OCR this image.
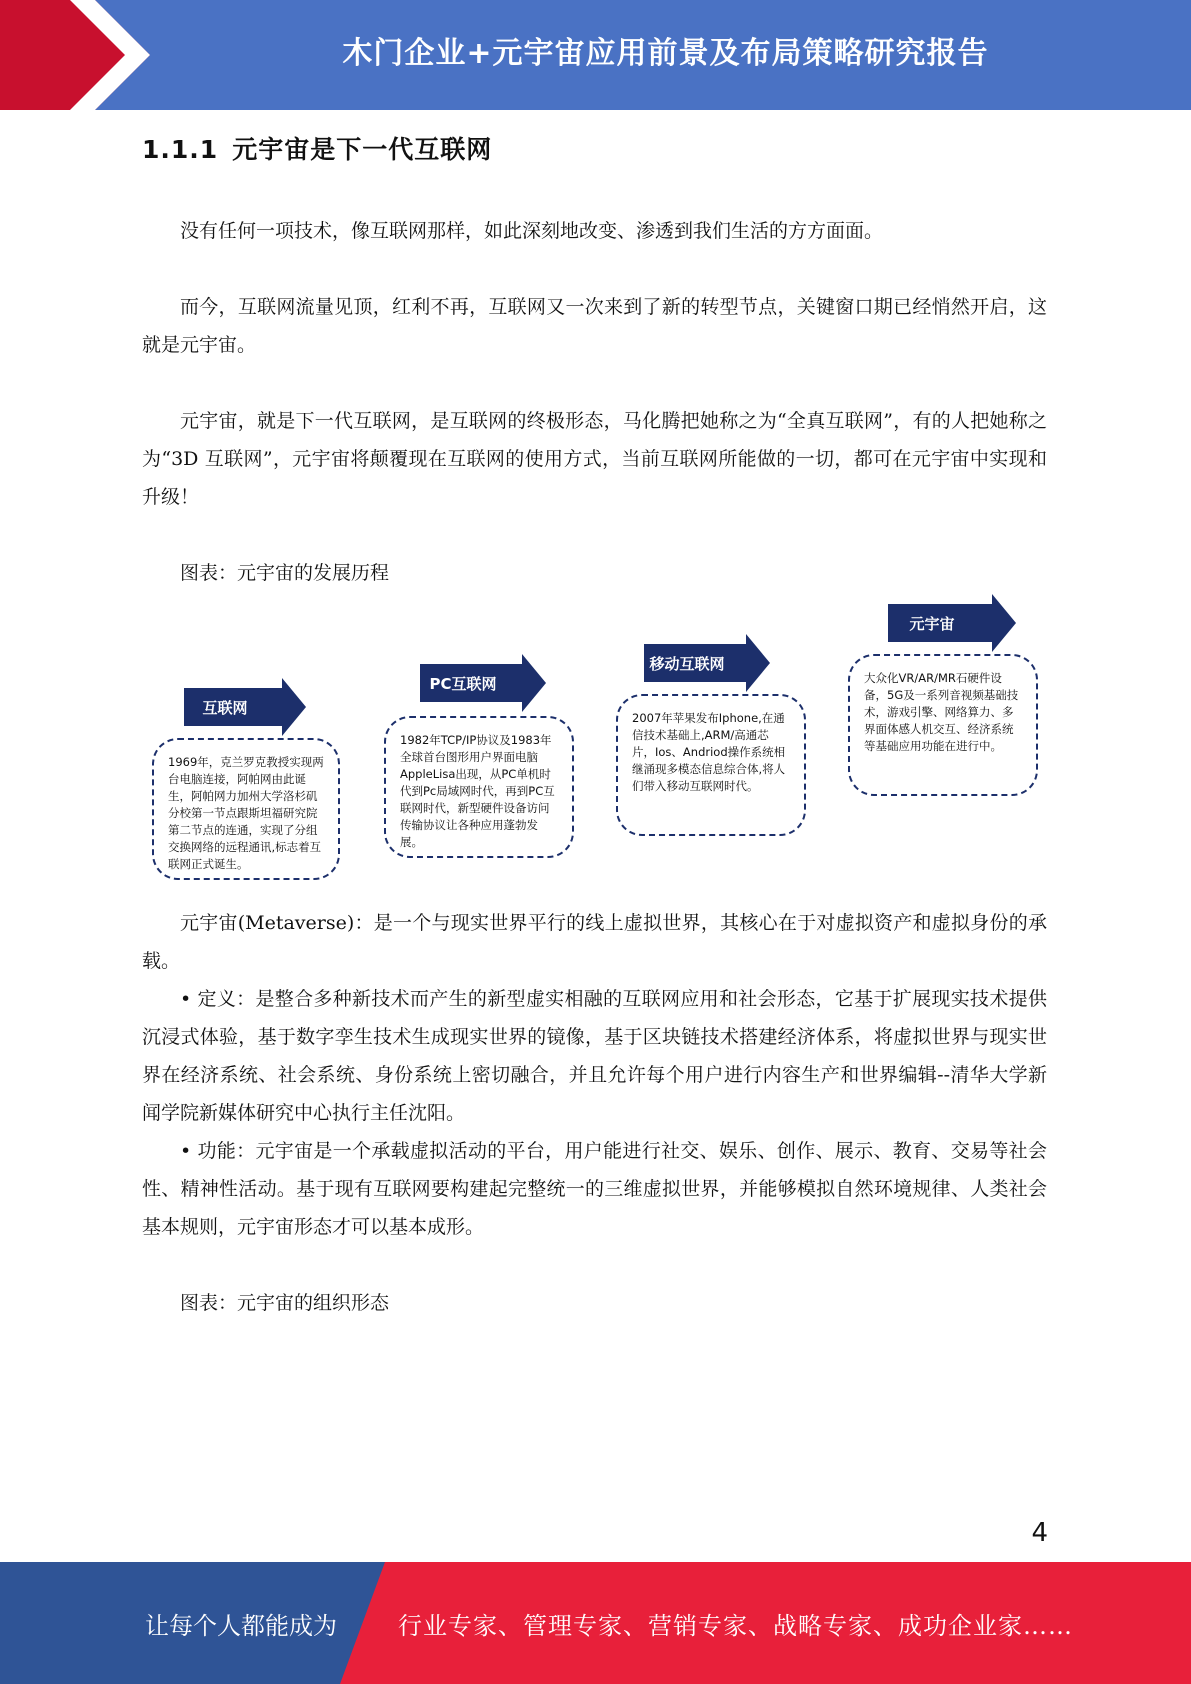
木门企业+元宇宙应用前景及布局策略研究报告
1.1.1 元宇宙是下一代互联网

没有任何一项技术，像互联网那样，如此深刻地改变、渗透到我们生活的方方面面。

而今，互联网流量见顶，红利不再，互联网又一次来到了新的转型节点，关键窗口期已经悄然开启，这就是元宇宙。

元宇宙，就是下一代互联网，是互联网的终极形态，马化腾把她称之为“全真互联网”，有的人把她称之为“3D 互联网”，元宇宙将颠覆现在互联网的使用方式，当前互联网所能做的一切，都可在元宇宙中实现和升级！

图表：元宇宙的发展历程

互联网
1969年，克兰罗克教授实现两台电脑连接，阿帕网由此诞生，阿帕网力加州大学洛杉矶分校第一节点跟斯坦福研究院第二节点的连通，实现了分组交换网络的远程通讯,标志着互联网正式诞生。
PC互联网
1982年TCP/IP协议及1983年全球首台图形用户界面电脑AppleLisa出现，从PC单机时代到Pc局域网时代，再到PC互联网时代，新型硬件设备访问传输协议让各种应用蓬勃发展。
移动互联网
2007年苹果发布Iphone,在通信技术基础上,ARM/高通芯片，Ios、Andriod操作系统相继涌现多模态信息综合体,将人们带入移动互联网时代。
元宇宙
大众化VR/AR/MR石硬件设备，5G及一系列音视频基础技术，游戏引擎、网络算力、多界面体感人机交互、经济系统等基础应用功能在进行中。

元宇宙(Metaverse)：是一个与现实世界平行的线上虚拟世界，其核心在于对虚拟资产和虚拟身份的承载。

• 定义：是整合多种新技术而产生的新型虚实相融的互联网应用和社会形态，它基于扩展现实技术提供沉浸式体验，基于数字孪生技术生成现实世界的镜像，基于区块链技术搭建经济体系，将虚拟世界与现实世界在经济系统、社会系统、身份系统上密切融合，并且允许每个用户进行内容生产和世界编辑--清华大学新闻学院新媒体研究中心执行主任沈阳。

• 功能：元宇宙是一个承载虚拟活动的平台，用户能进行社交、娱乐、创作、展示、教育、交易等社会性、精神性活动。基于现有互联网要构建起完整统一的三维虚拟世界，并能够模拟自然环境规律、人类社会基本规则，元宇宙形态才可以基本成形。

图表：元宇宙的组织形态

4
让每个人都能成为	行业专家、管理专家、营销专家、战略专家、成功企业家……
